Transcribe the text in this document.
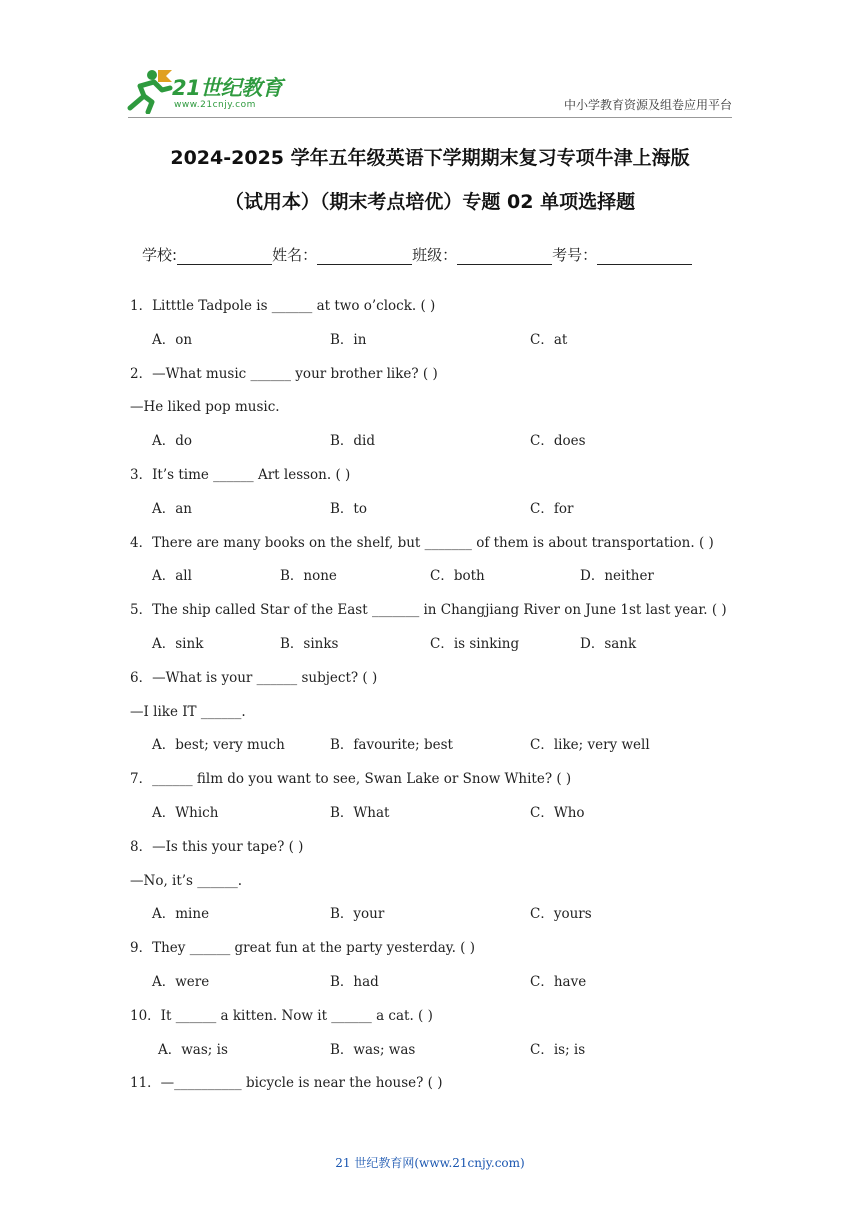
21世纪教育
www.21cnjy.com	中小学教育资源及组卷应用平台
2024-2025 学年五年级英语下学期期末复习专项牛津上海版
（试用本）（期末考点培优）专题 02 单项选择题
学校:	姓名：	班级：	考号：
1．Litttle Tadpole is ______ at two o’clock. ( )
A．on	B．in	C．at
2．—What music ______ your brother like? ( )
—He liked pop music.
A．do	B．did	C．does
3．It’s time ______ Art lesson. ( )
A．an	B．to	C．for
4．There are many books on the shelf, but _______ of them is about transportation. ( )
A．all	B．none	C．both	D．neither
5．The ship called Star of the East _______ in Changjiang River on June 1st last year. ( )
A．sink	B．sinks	C．is sinking	D．sank
6．—What is your ______ subject? ( )
—I like IT ______.
A．best; very much	B．favourite; best	C．like; very well
7．______ film do you want to see, Swan Lake or Snow White? ( )
A．Which	B．What	C．Who
8．—Is this your tape? ( )
—No, it’s ______.
A．mine	B．your	C．yours
9．They ______ great fun at the party yesterday. ( )
A．were	B．had	C．have
10．It ______ a kitten. Now it ______ a cat. ( )
A．was; is	B．was; was	C．is; is
11．—__________ bicycle is near the house? ( )
21 世纪教育网(www.21cnjy.com)
